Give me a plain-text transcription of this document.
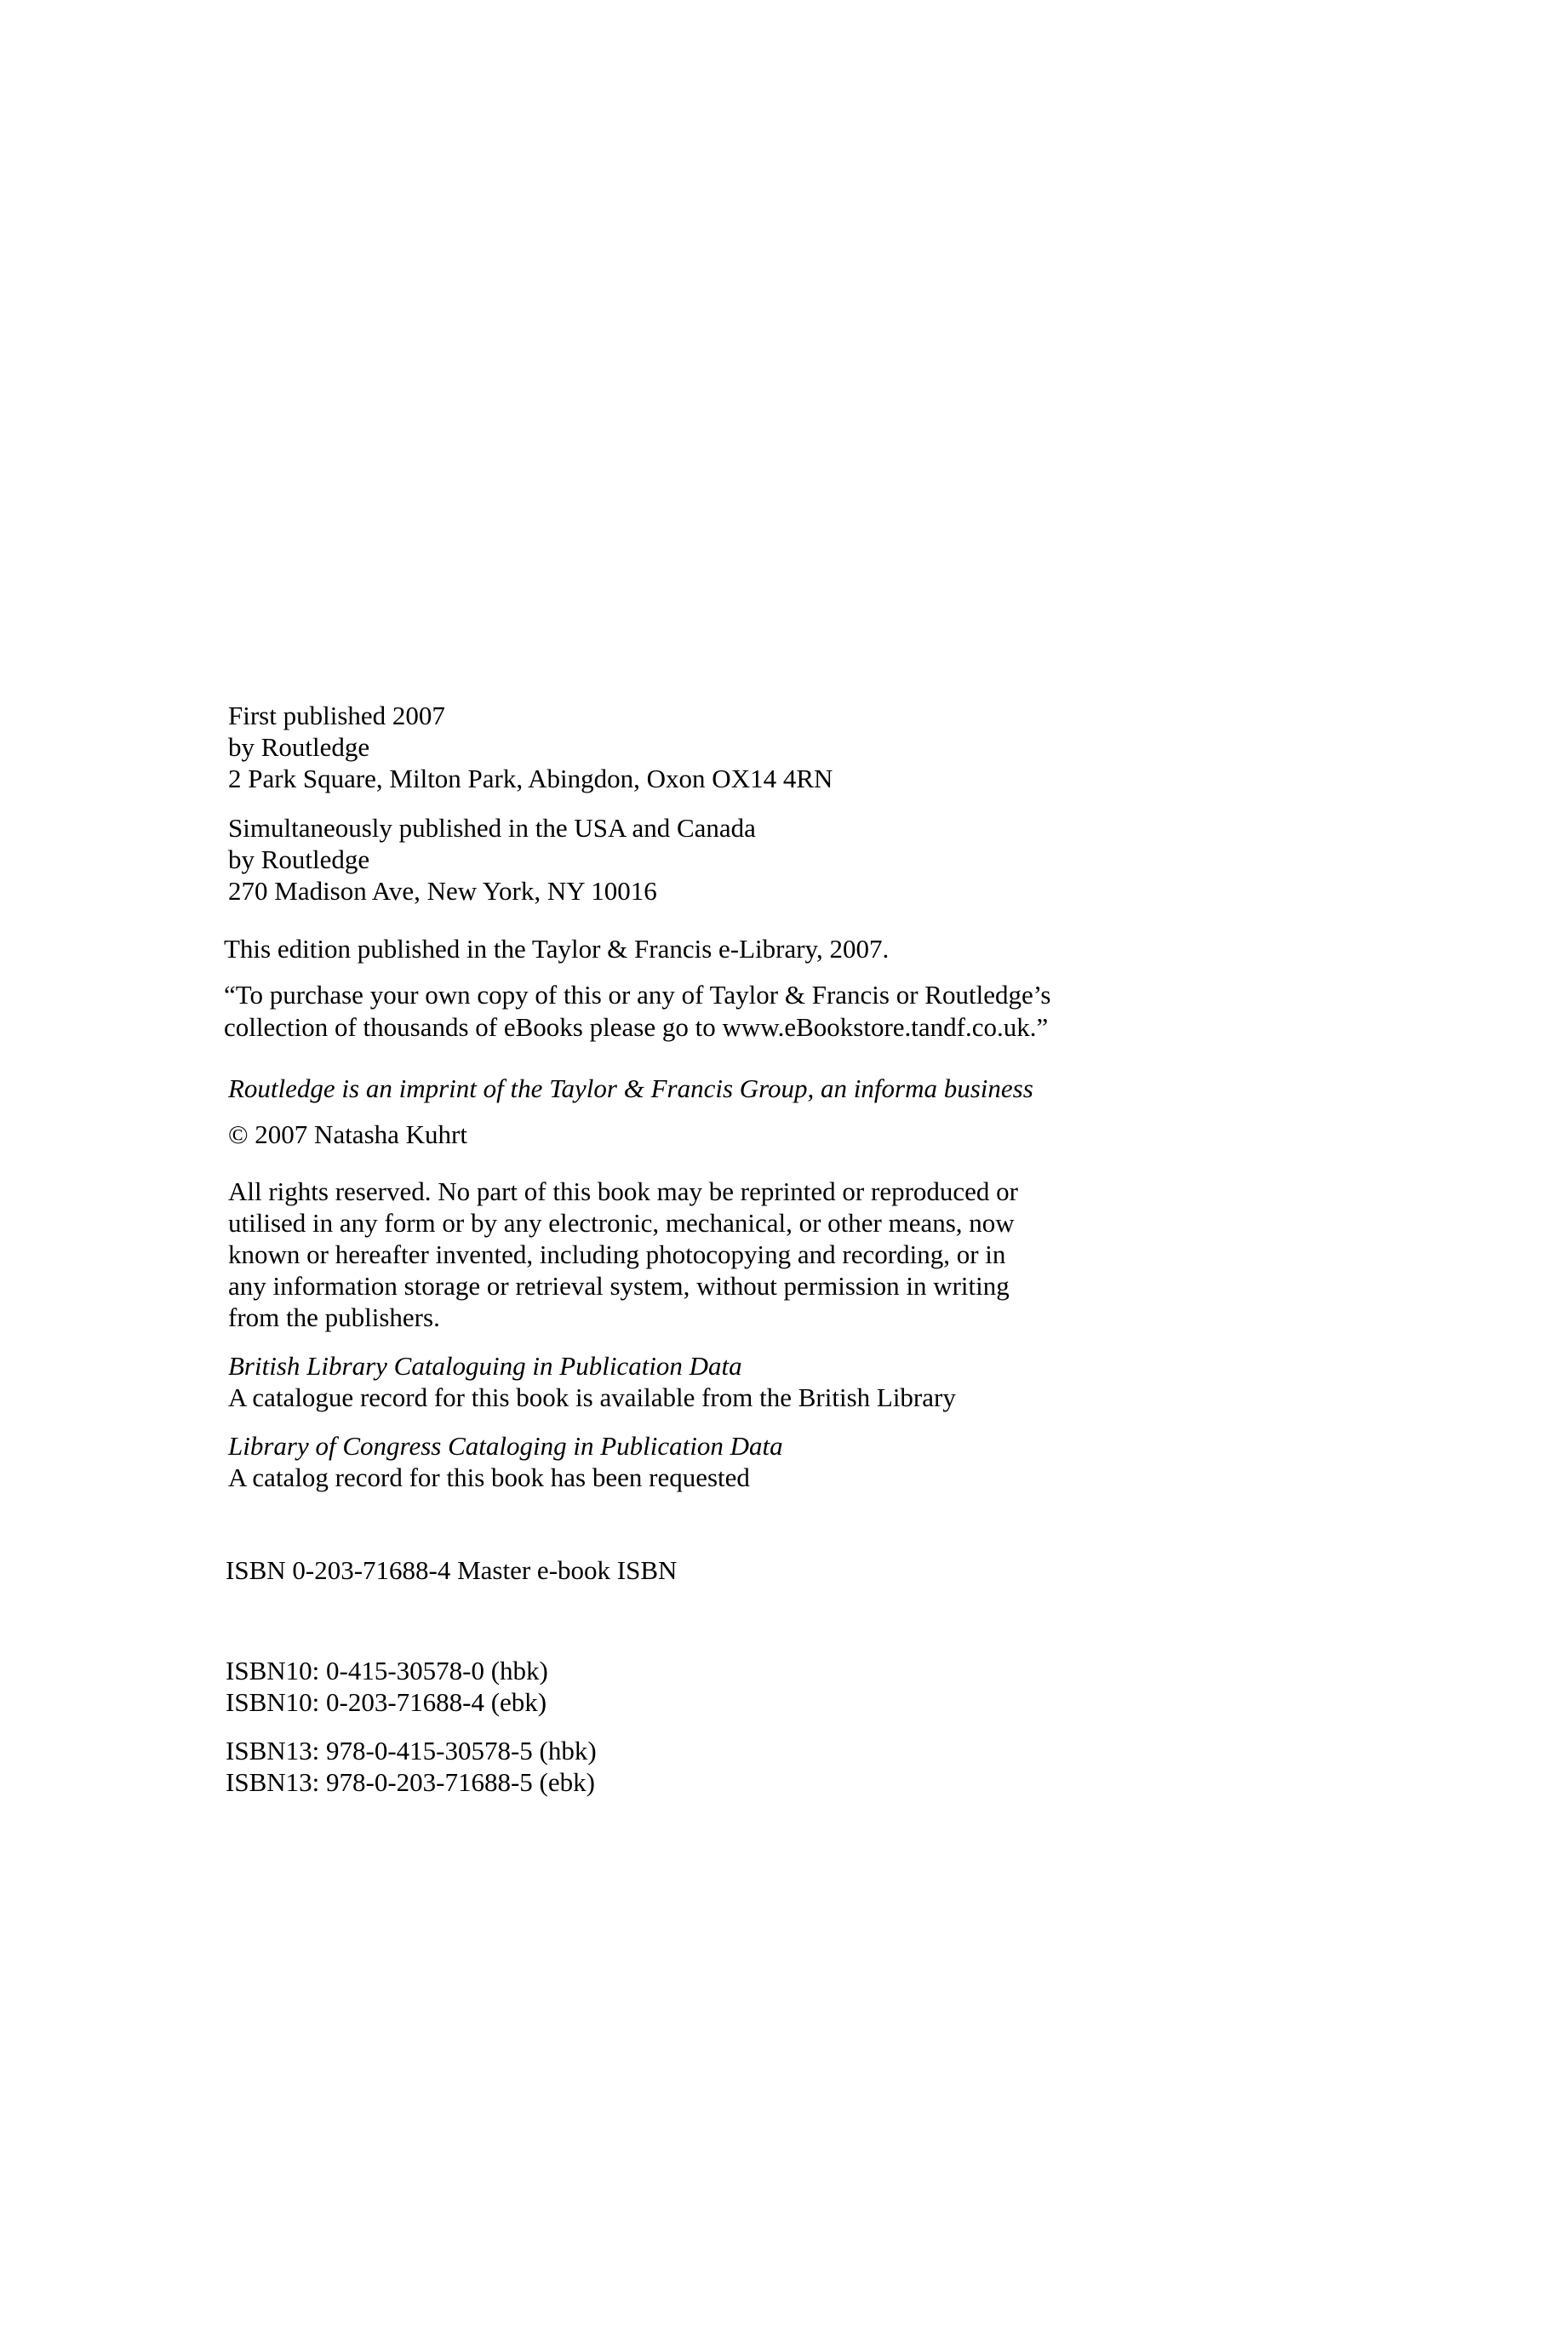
First published 2007
by Routledge
2 Park Square, Milton Park, Abingdon, Oxon OX14 4RN
Simultaneously published in the USA and Canada
by Routledge
270 Madison Ave, New York, NY 10016
This edition published in the Taylor & Francis e-Library, 2007.
“To purchase your own copy of this or any of Taylor & Francis or Routledge’s
collection of thousands of eBooks please go to www.eBookstore.tandf.co.uk.”
Routledge is an imprint of the Taylor & Francis Group, an informa business
© 2007 Natasha Kuhrt
All rights reserved. No part of this book may be reprinted or reproduced or
utilised in any form or by any electronic, mechanical, or other means, now
known or hereafter invented, including photocopying and recording, or in
any information storage or retrieval system, without permission in writing
from the publishers.
British Library Cataloguing in Publication Data
A catalogue record for this book is available from the British Library
Library of Congress Cataloging in Publication Data
A catalog record for this book has been requested
ISBN 0-203-71688-4 Master e-book ISBN
ISBN10: 0-415-30578-0 (hbk)
ISBN10: 0-203-71688-4 (ebk)
ISBN13: 978-0-415-30578-5 (hbk)
ISBN13: 978-0-203-71688-5 (ebk)
